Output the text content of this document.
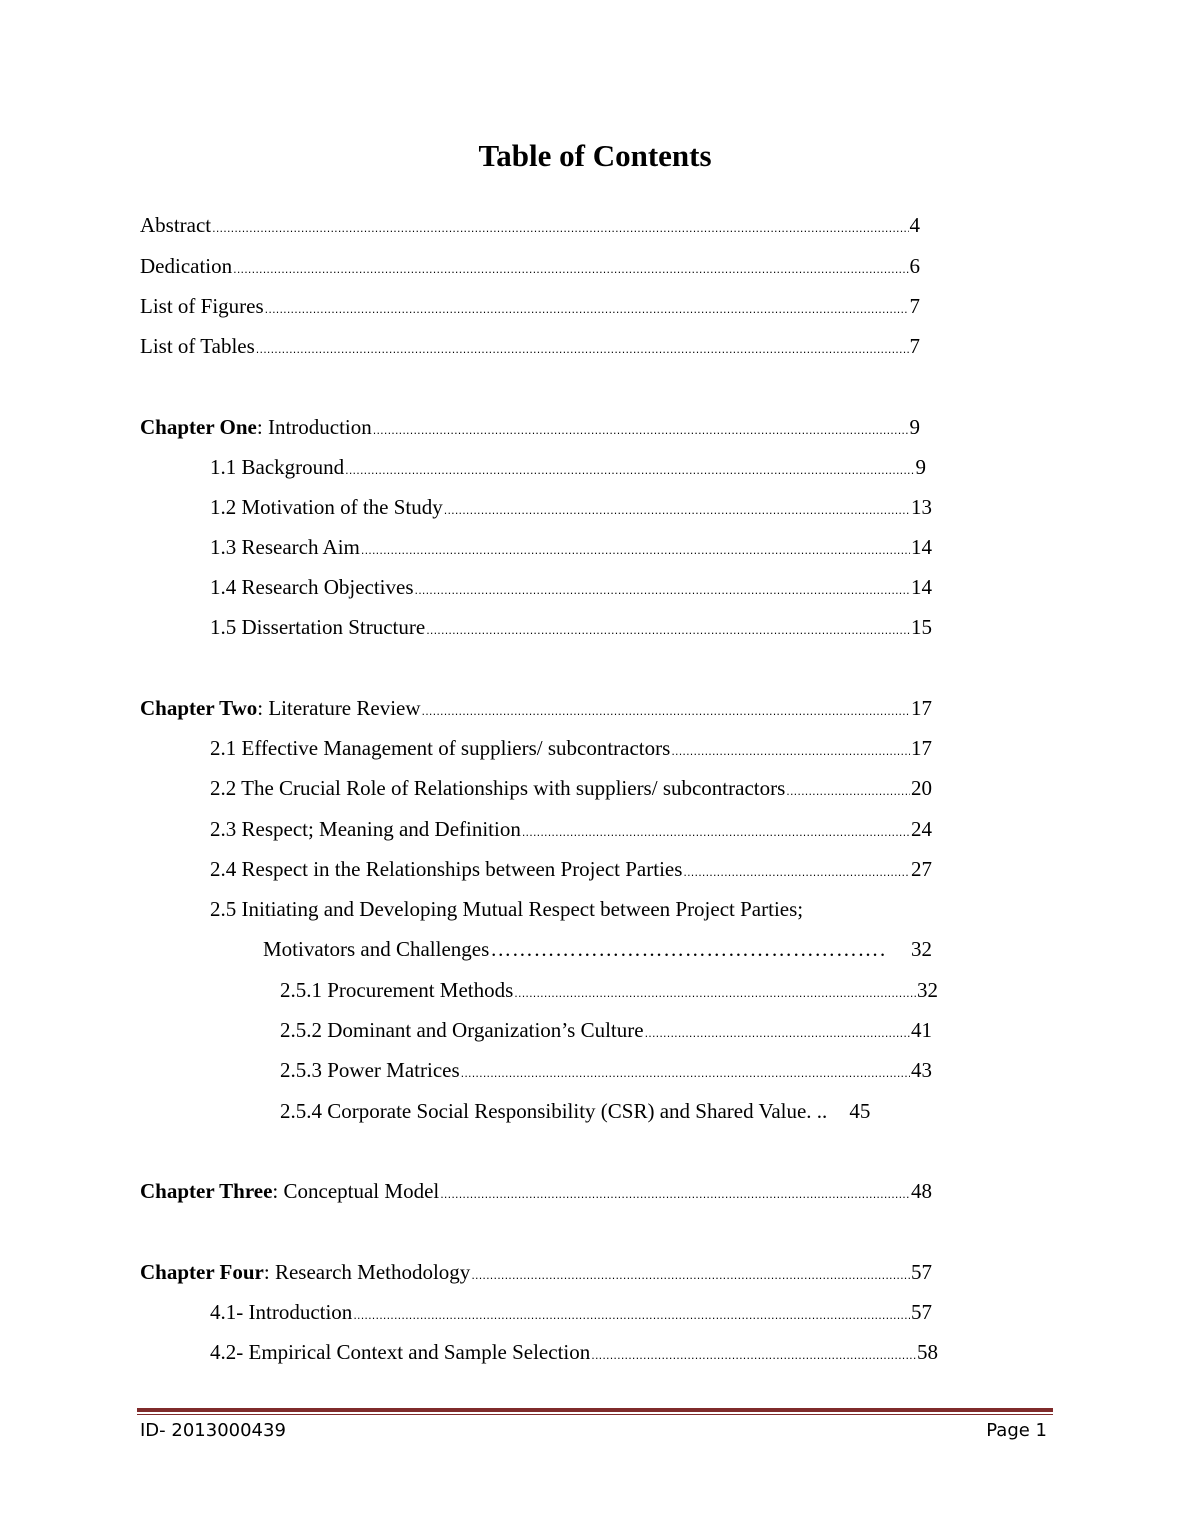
Table of Contents
Abstract .....	4
Dedication .....	6
List of Figures .....	7
List of Tables .....	7
Chapter One: Introduction .....	9
1.1 Background .....	9
1.2 Motivation of the Study .....	13
1.3 Research Aim .....	14
1.4 Research Objectives .....	14
1.5 Dissertation Structure .....	15
Chapter Two: Literature Review .....	17
2.1 Effective Management of suppliers/ subcontractors .....	17
2.2 The Crucial Role of Relationships with suppliers/ subcontractors .....	20
2.3 Respect; Meaning and Definition .....	24
2.4 Respect in the Relationships between Project Parties .....	27
2.5 Initiating and Developing Mutual Respect between Project Parties;
Motivators and Challenges ……………………………………………………………………	32
2.5.1 Procurement Methods .....	32
2.5.2 Dominant and Organization’s Culture .....	41
2.5.3 Power Matrices .....	43
2.5.4 Corporate Social Responsibility (CSR) and Shared Value. ..	45
Chapter Three: Conceptual Model .....	48
Chapter Four: Research Methodology .....	57
4.1- Introduction .....	57
4.2- Empirical Context and Sample Selection .....	58
ID- 2013000439	Page 1
